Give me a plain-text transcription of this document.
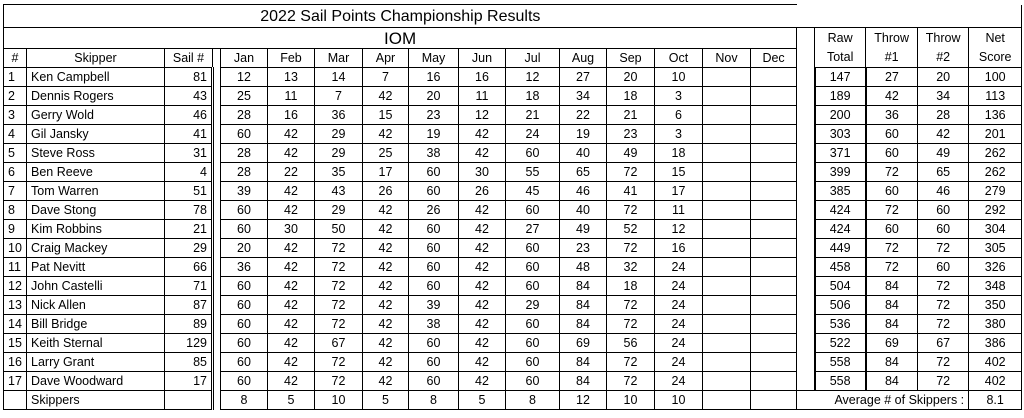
2022 Sail Points Championship Results																				
IOM																	Raw	Throw	Throw	Net
#	Skipper	Sail #		Jan	Feb	Mar	Apr	May	Jun	Jul	Aug	Sep	Oct	Nov	Dec		Total	#1	#2	Score
1	Ken Campbell	81		12	13	14	7	16	16	12	27	20	10				147	27	20	100
2	Dennis Rogers	43		25	11	7	42	20	11	18	34	18	3				189	42	34	113
3	Gerry Wold	46		28	16	36	15	23	12	21	22	21	6				200	36	28	136
4	Gil Jansky	41		60	42	29	42	19	42	24	19	23	3				303	60	42	201
5	Steve Ross	31		28	42	29	25	38	42	60	40	49	18				371	60	49	262
6	Ben Reeve	4		28	22	35	17	60	30	55	65	72	15				399	72	65	262
7	Tom Warren	51		39	42	43	26	60	26	45	46	41	17				385	60	46	279
8	Dave Stong	78		60	42	29	42	26	42	60	40	72	11				424	72	60	292
9	Kim Robbins	21		60	30	50	42	60	42	27	49	52	12				424	60	60	304
10	Craig Mackey	29		20	42	72	42	60	42	60	23	72	16				449	72	72	305
11	Pat Nevitt	66		36	42	72	42	60	42	60	48	32	24				458	72	60	326
12	John Castelli	71		60	42	72	42	60	42	60	84	18	24				504	84	72	348
13	Nick Allen	87		60	42	72	42	39	42	29	84	72	24				506	84	72	350
14	Bill Bridge	89		60	42	72	42	38	42	60	84	72	24				536	84	72	380
15	Keith Sternal	129		60	42	67	42	60	42	60	69	56	24				522	69	67	386
16	Larry Grant	85		60	42	72	42	60	42	60	84	72	24				558	84	72	402
17	Dave Woodward	17		60	42	72	42	60	42	60	84	72	24				558	84	72	402
	Skippers			8	5	10	5	8	5	8	12	10	10			Average # of Skippers :				8.1
